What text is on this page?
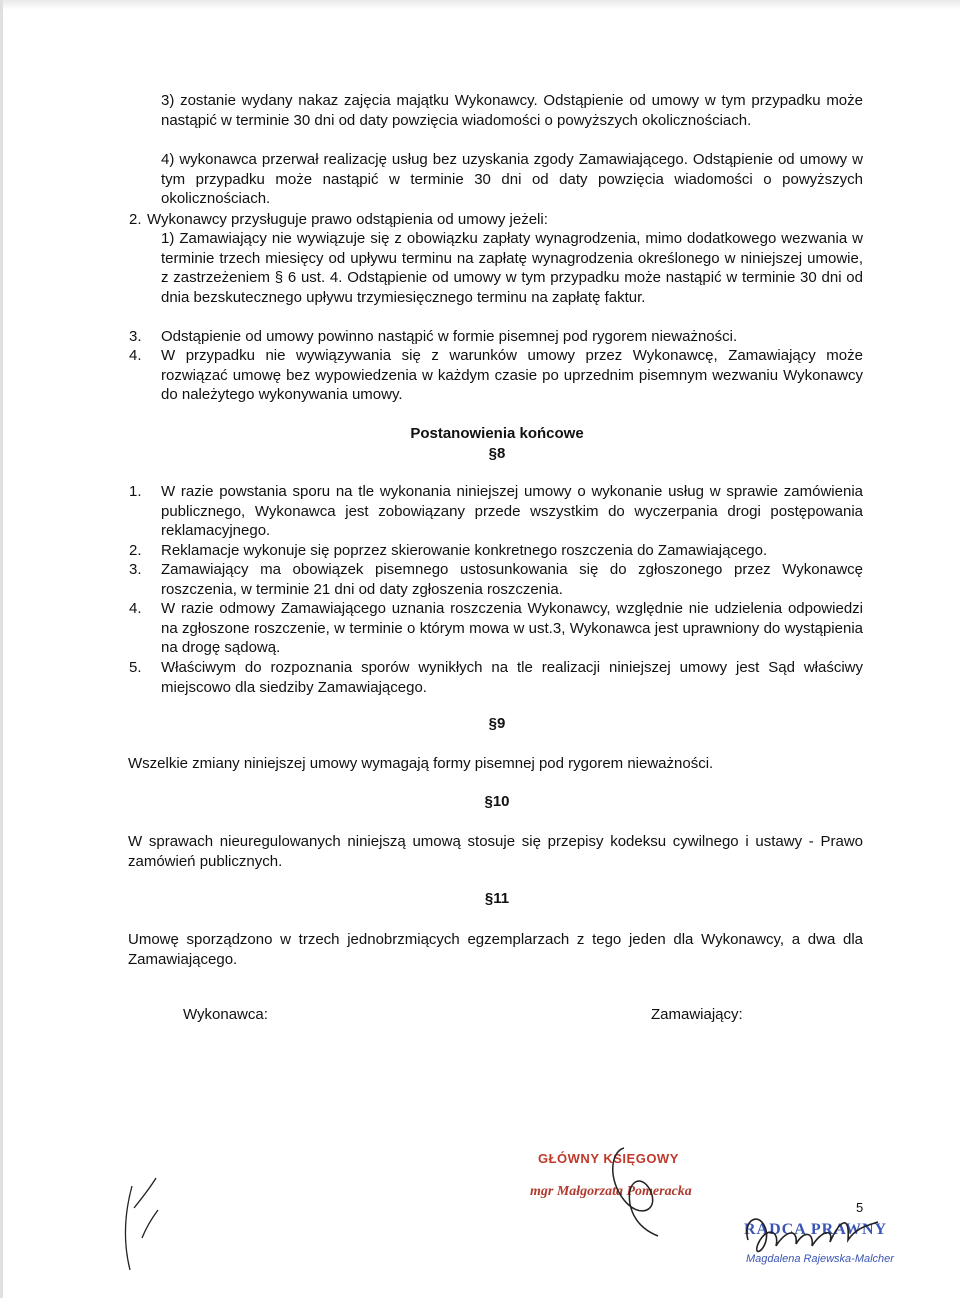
3) zostanie wydany nakaz zajęcia majątku Wykonawcy. Odstąpienie od umowy w tym przypadku może nastąpić w terminie 30 dni od daty powzięcia wiadomości o powyższych okolicznościach.

4) wykonawca przerwał realizację usług bez uzyskania zgody Zamawiającego. Odstąpienie od umowy w tym przypadku może nastąpić w terminie 30 dni od daty powzięcia wiadomości o powyższych okolicznościach.

2. Wykonawcy przysługuje prawo odstąpienia od umowy jeżeli:

1) Zamawiający nie wywiązuje się z obowiązku zapłaty wynagrodzenia, mimo dodatkowego wezwania w terminie trzech miesięcy od upływu terminu na zapłatę wynagrodzenia określonego w niniejszej umowie, z zastrzeżeniem § 6 ust. 4. Odstąpienie od umowy w tym przypadku może nastąpić w terminie 30 dni od dnia bezskutecznego upływu trzymiesięcznego terminu na zapłatę faktur.

3. Odstąpienie od umowy powinno nastąpić w formie pisemnej pod rygorem nieważności.

4. W przypadku nie wywiązywania się z warunków umowy przez Wykonawcę, Zamawiający może rozwiązać umowę bez wypowiedzenia w każdym czasie po uprzednim pisemnym wezwaniu Wykonawcy do należytego wykonywania umowy.

Postanowienia końcowe
§8
1. W razie powstania sporu na tle wykonania niniejszej umowy o wykonanie usług w sprawie zamówienia publicznego, Wykonawca jest zobowiązany przede wszystkim do wyczerpania drogi postępowania reklamacyjnego.

2. Reklamacje wykonuje się poprzez skierowanie konkretnego roszczenia do Zamawiającego.

3. Zamawiający ma obowiązek pisemnego ustosunkowania się do zgłoszonego przez Wykonawcę roszczenia, w terminie 21 dni od daty zgłoszenia roszczenia.

4. W razie odmowy Zamawiającego uznania roszczenia Wykonawcy, względnie nie udzielenia odpowiedzi na zgłoszone roszczenie, w terminie o którym mowa w ust.3, Wykonawca jest uprawniony do wystąpienia na drogę sądową.

5. Właściwym do rozpoznania sporów wynikłych na tle realizacji niniejszej umowy jest Sąd właściwy miejscowo dla siedziby Zamawiającego.

§9

Wszelkie zmiany niniejszej umowy wymagają formy pisemnej pod rygorem nieważności.

§10

W sprawach nieuregulowanych niniejszą umową stosuje się przepisy kodeksu cywilnego i ustawy - Prawo zamówień publicznych.

§11

Umowę sporządzono w trzech jednobrzmiących egzemplarzach z tego jeden dla Wykonawcy, a dwa dla Zamawiającego.

Wykonawca:	Zamawiający:
GŁÓWNY KSIĘGOWY
mgr Małgorzata Pomeracka
5
RADCA PRAWNY
Magdalena Rajewska-Malcher
